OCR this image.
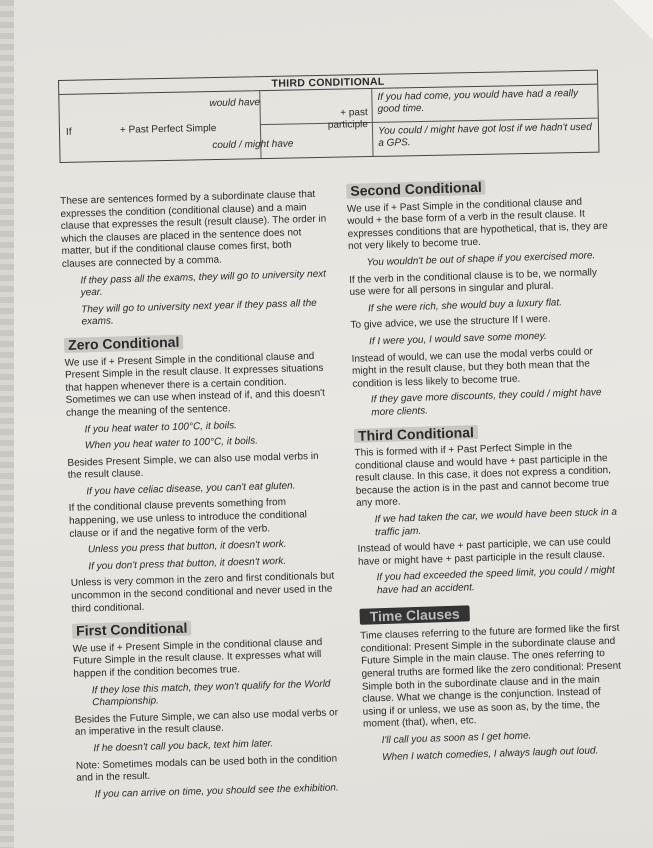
THIRD CONDITIONAL
If	+ Past Perfect Simple
would have
could / might have
+ past participle
If you had come, you would have had a really good time.
You could / might have got lost if we hadn't used a GPS.

These are sentences formed by a subordinate clause that expresses the condition (conditional clause) and a main clause that expresses the result (result clause). The order in which the clauses are placed in the sentence does not matter, but if the conditional clause comes first, both clauses are connected by a comma.

If they pass all the exams, they will go to university next year.

They will go to university next year if they pass all the exams.

Zero Conditional

We use if + Present Simple in the conditional clause and Present Simple in the result clause. It expresses situations that happen whenever there is a certain condition. Sometimes we can use when instead of if, and this doesn't change the meaning of the sentence.

If you heat water to 100°C, it boils.

When you heat water to 100°C, it boils.

Besides Present Simple, we can also use modal verbs in the result clause.

If you have celiac disease, you can't eat gluten.

If the conditional clause prevents something from happening, we use unless to introduce the conditional clause or if and the negative form of the verb.

Unless you press that button, it doesn't work.

If you don't press that button, it doesn't work.

Unless is very common in the zero and first conditionals but uncommon in the second conditional and never used in the third conditional.

First Conditional

We use if + Present Simple in the conditional clause and Future Simple in the result clause. It expresses what will happen if the condition becomes true.

If they lose this match, they won't qualify for the World Championship.

Besides the Future Simple, we can also use modal verbs or an imperative in the result clause.

If he doesn't call you back, text him later.

Note: Sometimes modals can be used both in the condition and in the result.

If you can arrive on time, you should see the exhibition.

Second Conditional

We use if + Past Simple in the conditional clause and would + the base form of a verb in the result clause. It expresses conditions that are hypothetical, that is, they are not very likely to become true.

You wouldn't be out of shape if you exercised more.

If the verb in the conditional clause is to be, we normally use were for all persons in singular and plural.

If she were rich, she would buy a luxury flat.

To give advice, we use the structure If I were.

If I were you, I would save some money.

Instead of would, we can use the modal verbs could or might in the result clause, but they both mean that the condition is less likely to become true.

If they gave more discounts, they could / might have more clients.

Third Conditional

This is formed with if + Past Perfect Simple in the conditional clause and would have + past participle in the result clause. In this case, it does not express a condition, because the action is in the past and cannot become true any more.

If we had taken the car, we would have been stuck in a traffic jam.

Instead of would have + past participle, we can use could have or might have + past participle in the result clause.

If you had exceeded the speed limit, you could / might have had an accident.

Time Clauses

Time clauses referring to the future are formed like the first conditional: Present Simple in the subordinate clause and Future Simple in the main clause. The ones referring to general truths are formed like the zero conditional: Present Simple both in the subordinate clause and in the main clause. What we change is the conjunction. Instead of using if or unless, we use as soon as, by the time, the moment (that), when, etc.

I'll call you as soon as I get home.

When I watch comedies, I always laugh out loud.
